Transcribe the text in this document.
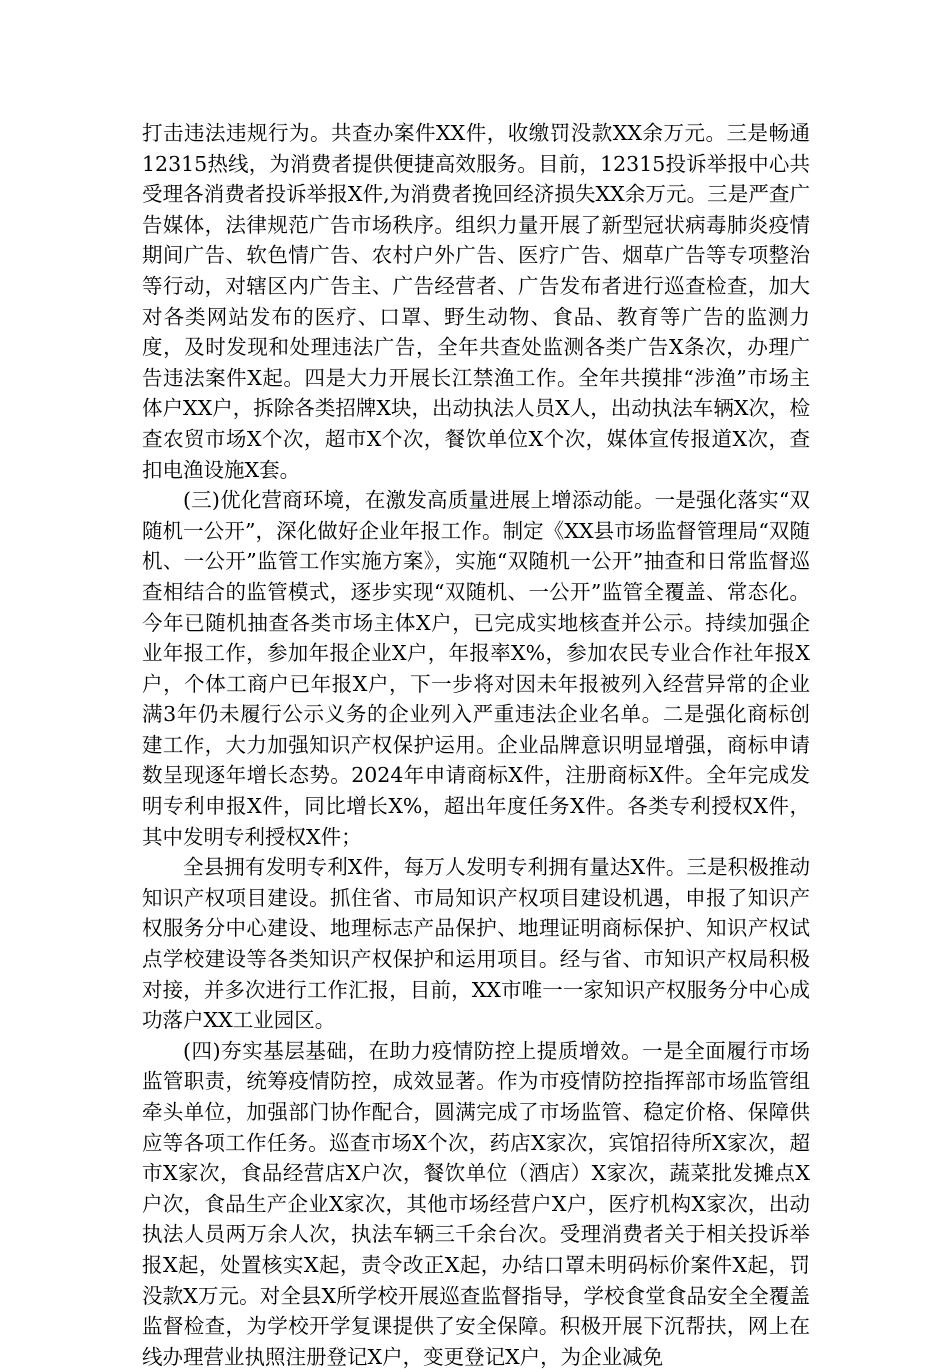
打击违法违规行为。共查办案件XX件，收缴罚没款XX余万元。三是畅通12315热线，为消费者提供便捷高效服务。目前，12315投诉举报中心共受理各消费者投诉举报X件,为消费者挽回经济损失XX余万元。三是严查广告媒体，法律规范广告市场秩序。组织力量开展了新型冠状病毒肺炎疫情期间广告、软色情广告、农村户外广告、医疗广告、烟草广告等专项整治等行动，对辖区内广告主、广告经营者、广告发布者进行巡查检查，加大对各类网站发布的医疗、口罩、野生动物、食品、教育等广告的监测力度，及时发现和处理违法广告，全年共查处监测各类广告X条次，办理广告违法案件X起。四是大力开展长江禁渔工作。全年共摸排“涉渔”市场主体户XX户，拆除各类招牌X块，出动执法人员X人，出动执法车辆X次，检查农贸市场X个次，超市X个次，餐饮单位X个次，媒体宣传报道X次，查扣电渔设施X套。

(三)优化营商环境，在激发高质量进展上增添动能。一是强化落实“双随机一公开”，深化做好企业年报工作。制定《XX县市场监督管理局“双随机、一公开”监管工作实施方案》，实施“双随机一公开”抽查和日常监督巡查相结合的监管模式，逐步实现“双随机、一公开”监管全覆盖、常态化。今年已随机抽查各类市场主体X户，已完成实地核查并公示。持续加强企业年报工作，参加年报企业X户，年报率X%，参加农民专业合作社年报X户，个体工商户已年报X户，下一步将对因未年报被列入经营异常的企业满3年仍未履行公示义务的企业列入严重违法企业名单。二是强化商标创建工作，大力加强知识产权保护运用。企业品牌意识明显增强，商标申请数呈现逐年增长态势。2024年申请商标X件，注册商标X件。全年完成发明专利申报X件，同比增长X%，超出年度任务X件。各类专利授权X件，其中发明专利授权X件；

全县拥有发明专利X件，每万人发明专利拥有量达X件。三是积极推动知识产权项目建设。抓住省、市局知识产权项目建设机遇，申报了知识产权服务分中心建设、地理标志产品保护、地理证明商标保护、知识产权试点学校建设等各类知识产权保护和运用项目。经与省、市知识产权局积极对接，并多次进行工作汇报，目前，XX市唯一一家知识产权服务分中心成功落户XX工业园区。

(四)夯实基层基础，在助力疫情防控上提质增效。一是全面履行市场监管职责，统筹疫情防控，成效显著。作为市疫情防控指挥部市场监管组牵头单位，加强部门协作配合，圆满完成了市场监管、稳定价格、保障供应等各项工作任务。巡查市场X个次，药店X家次，宾馆招待所X家次，超市X家次，食品经营店X户次，餐饮单位（酒店）X家次，蔬菜批发摊点X户次，食品生产企业X家次，其他市场经营户X户，医疗机构X家次，出动执法人员两万余人次，执法车辆三千余台次。受理消费者关于相关投诉举报X起，处置核实X起，责令改正X起，办结口罩未明码标价案件X起，罚没款X万元。对全县X所学校开展巡查监督指导，学校食堂食品安全全覆盖监督检查，为学校开学复课提供了安全保障。积极开展下沉帮扶，网上在线办理营业执照注册登记X户，变更登记X户，为企业减免
